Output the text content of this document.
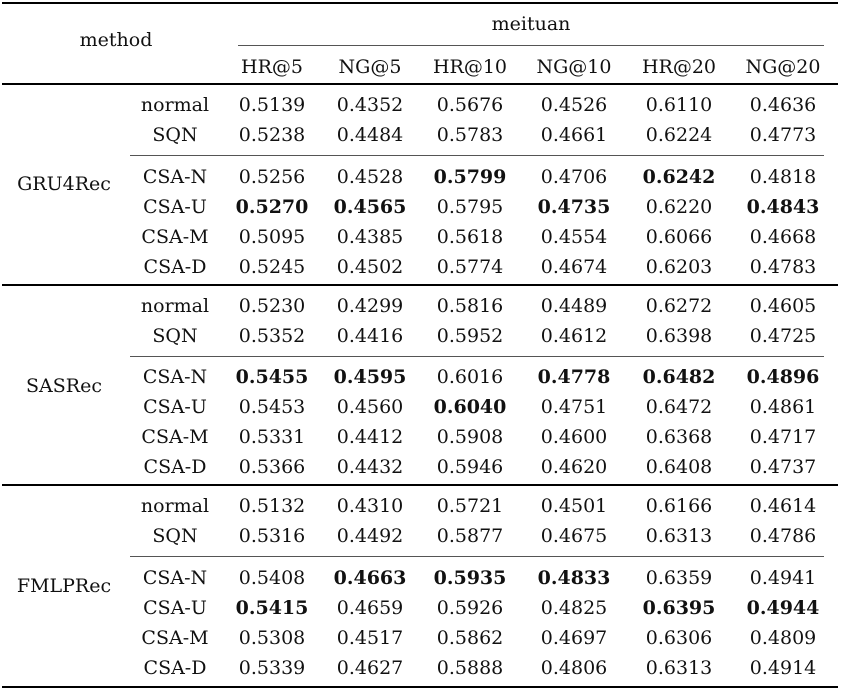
method
meituan
HR@5 NG@5 HR@10 NG@10 HR@20 NG@20
GRU4Rec
normal 0.5139 0.4352 0.5676 0.4526 0.6110 0.4636
SQN 0.5238 0.4484 0.5783 0.4661 0.6224 0.4773
CSA-N 0.5256 0.4528 0.5799 0.4706 0.6242 0.4818
CSA-U 0.5270 0.4565 0.5795 0.4735 0.6220 0.4843
CSA-M 0.5095 0.4385 0.5618 0.4554 0.6066 0.4668
CSA-D 0.5245 0.4502 0.5774 0.4674 0.6203 0.4783
SASRec
normal 0.5230 0.4299 0.5816 0.4489 0.6272 0.4605
SQN 0.5352 0.4416 0.5952 0.4612 0.6398 0.4725
CSA-N 0.5455 0.4595 0.6016 0.4778 0.6482 0.4896
CSA-U 0.5453 0.4560 0.6040 0.4751 0.6472 0.4861
CSA-M 0.5331 0.4412 0.5908 0.4600 0.6368 0.4717
CSA-D 0.5366 0.4432 0.5946 0.4620 0.6408 0.4737
FMLPRec
normal 0.5132 0.4310 0.5721 0.4501 0.6166 0.4614
SQN 0.5316 0.4492 0.5877 0.4675 0.6313 0.4786
CSA-N 0.5408 0.4663 0.5935 0.4833 0.6359 0.4941
CSA-U 0.5415 0.4659 0.5926 0.4825 0.6395 0.4944
CSA-M 0.5308 0.4517 0.5862 0.4697 0.6306 0.4809
CSA-D 0.5339 0.4627 0.5888 0.4806 0.6313 0.4914
